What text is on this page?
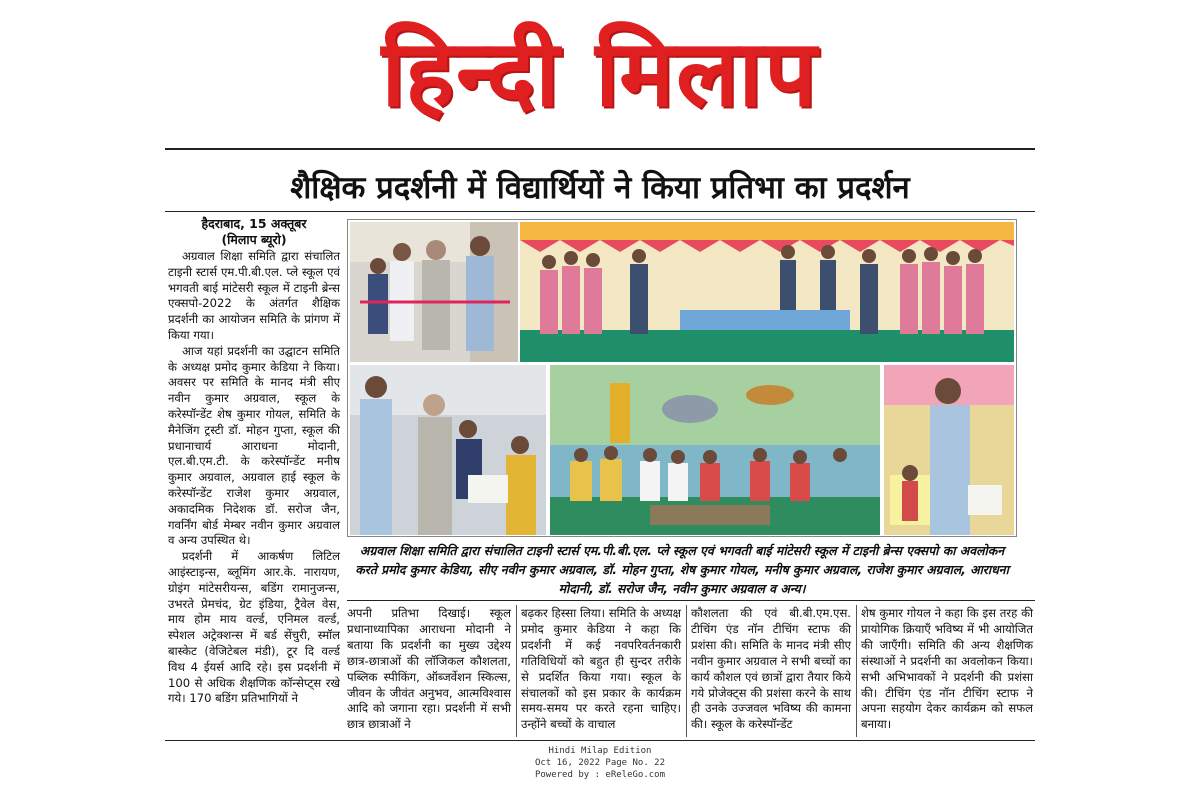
हिन्दी मिलाप
शैक्षिक प्रदर्शनी में विद्यार्थियों ने किया प्रतिभा का प्रदर्शन
हैदराबाद, 15 अक्तूबर
(मिलाप ब्यूरो)

अग्रवाल शिक्षा समिति द्वारा संचालित टाइनी स्टार्स एम.पी.बी.एल. प्ले स्कूल एवं भगवती बाई मांटेसरी स्कूल में टाइनी ब्रेन्स एक्सपो-2022 के अंतर्गत शैक्षिक प्रदर्शनी का आयोजन समिति के प्रांगण में किया गया।

आज यहां प्रदर्शनी का उद्घाटन समिति के अध्यक्ष प्रमोद कुमार केडिया ने किया। अवसर पर समिति के मानद मंत्री सीए नवीन कुमार अग्रवाल, स्कूल के करेस्पॉन्डेंट शेष कुमार गोयल, समिति के मैनेजिंग ट्रस्टी डॉ. मोहन गुप्ता, स्कूल की प्रधानाचार्य आराधना मोदानी, एल.बी.एम.टी. के करेस्पॉन्डेंट मनीष कुमार अग्रवाल, अग्रवाल हाई स्कूल के करेस्पॉन्डेंट राजेश कुमार अग्रवाल, अकादमिक निदेशक डॉ. सरोज जैन, गवर्निंग बोर्ड मेम्बर नवीन कुमार अग्रवाल व अन्य उपस्थित थे।

प्रदर्शनी में आकर्षण लिटिल आइंस्टाइन्स, ब्लूमिंग आर.के. नारायण, ग्रोइंग मांटेसरीयन्स, बडिंग रामानुजन्स, उभरते प्रेमचंद, ग्रेट इंडिया, ट्रैवेल वेस, माय होम माय वर्ल्ड, एनिमल वर्ल्ड, स्पेशल अट्रेक्शन्स में बर्ड सेंचुरी, स्मॉल बास्केट (वेजिटेबल मंडी), टूर दि वर्ल्ड विथ 4 ईयर्स आदि रहे। इस प्रदर्शनी में 100 से अधिक शैक्षणिक कॉन्सेप्ट्स रखे गये। 170 बडिंग प्रतिभागियों ने

अग्रवाल शिक्षा समिति द्वारा संचालित टाइनी स्टार्स एम.पी.बी.एल. प्ले स्कूल एवं भगवती बाई मांटेसरी स्कूल में टाइनी ब्रेन्स एक्सपो का अवलोकन करते प्रमोद कुमार केडिया, सीए नवीन कुमार अग्रवाल, डॉ. मोहन गुप्ता, शेष कुमार गोयल, मनीष कुमार अग्रवाल, राजेश कुमार अग्रवाल, आराधना मोदानी, डॉ. सरोज जैन, नवीन कुमार अग्रवाल व अन्य।

अपनी प्रतिभा दिखाई। स्कूल प्रधानाध्यापिका आराधना मोदानी ने बताया कि प्रदर्शनी का मुख्य उद्देश्य छात्र-छात्राओं की लॉजिकल कौशलता, पब्लिक स्पीकिंग, ऑब्जर्वेशन स्किल्स, जीवन के जीवंत अनुभव, आत्मविश्वास आदि को जगाना रहा। प्रदर्शनी में सभी छात्र छात्राओं ने

बढ़कर हिस्सा लिया। समिति के अध्यक्ष प्रमोद कुमार केडिया ने कहा कि प्रदर्शनी में कई नवपरिवर्तनकारी गतिविधियों को बहुत ही सुन्दर तरीके से प्रदर्शित किया गया। स्कूल के संचालकों को इस प्रकार के कार्यक्रम समय-समय पर करते रहना चाहिए। उन्होंने बच्चों के वाचाल

कौशलता की एवं बी.बी.एम.एस. टीचिंग एंड नॉन टीचिंग स्टाफ की प्रशंसा की। समिति के मानद मंत्री सीए नवीन कुमार अग्रवाल ने सभी बच्चों का कार्य कौशल एवं छात्रों द्वारा तैयार किये गये प्रोजेक्ट्स की प्रशंसा करने के साथ ही उनके उज्जवल भविष्य की कामना की। स्कूल के करेस्पॉन्डेंट

शेष कुमार गोयल ने कहा कि इस तरह की प्रायोगिक क्रियाएँ भविष्य में भी आयोजित की जाएँगी। समिति की अन्य शैक्षणिक संस्थाओं ने प्रदर्शनी का अवलोकन किया। सभी अभिभावकों ने प्रदर्शनी की प्रशंसा की। टीचिंग एंड नॉन टीचिंग स्टाफ ने अपना सहयोग देकर कार्यक्रम को सफल बनाया।

Hindi Milap Edition
Oct 16, 2022 Page No. 22
Powered by : eReleGo.com
